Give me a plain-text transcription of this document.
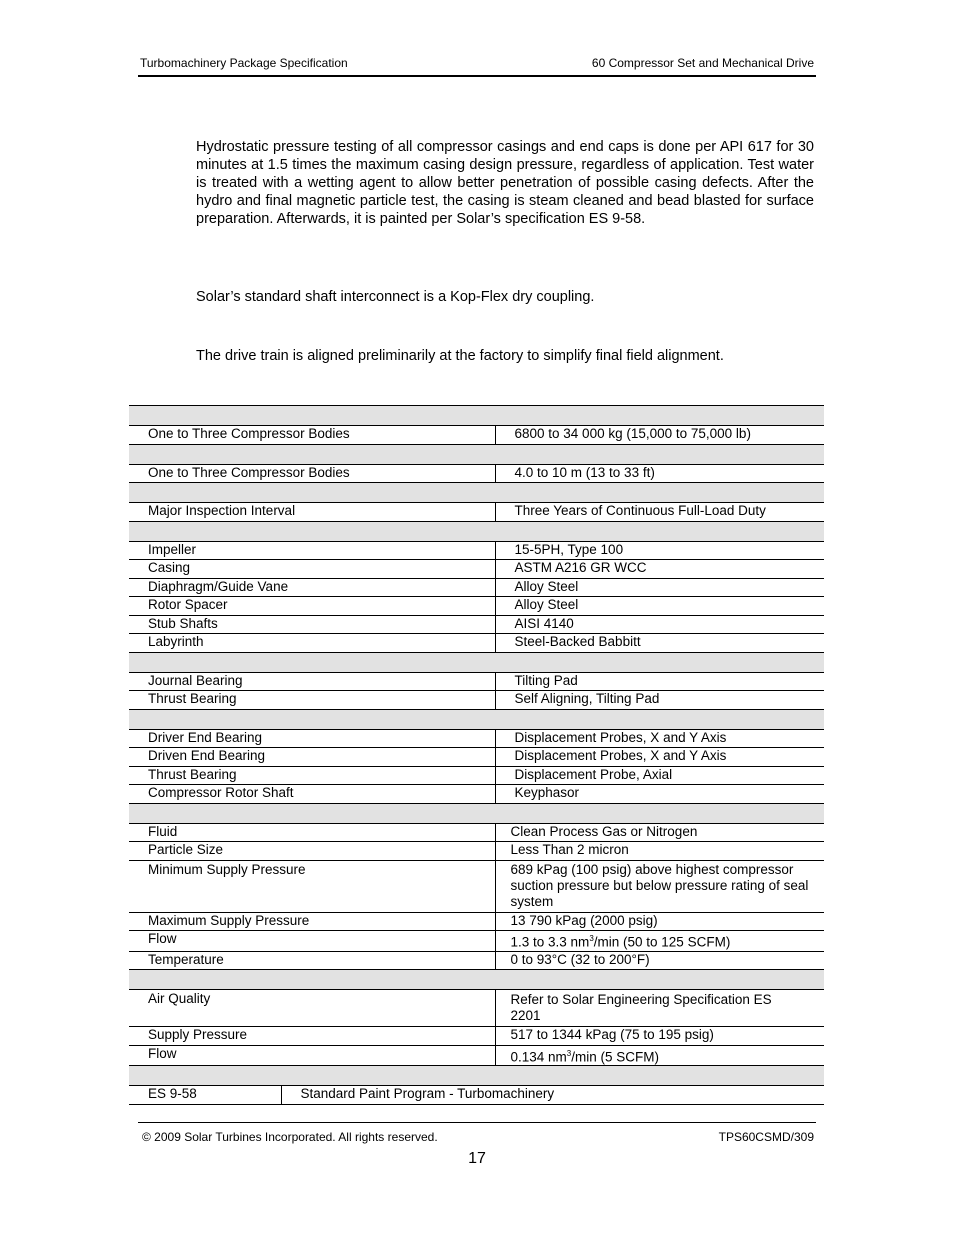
Turbomachinery Package Specification	60 Compressor Set and Mechanical Drive
Hydrostatic pressure testing of all compressor casings and end caps is done per API 617 for 30 minutes at 1.5 times the maximum casing design pressure, regardless of application. Test water is treated with a wetting agent to allow better penetration of possible casing defects. After the hydro and final magnetic particle test, the casing is steam cleaned and bead blasted for surface preparation. Afterwards, it is painted per Solar’s specification ES 9-58.
Solar’s standard shaft interconnect is a Kop-Flex dry coupling.
The drive train is aligned preliminarily at the factory to simplify final field alignment.

One to Three Compressor Bodies		6800 to 34 000 kg (15,000 to 75,000 lb)

One to Three Compressor Bodies		4.0 to 10 m (13 to 33 ft)

Major Inspection Interval		Three Years of Continuous Full-Load Duty

Impeller		15-5PH, Type 100
Casing		ASTM A216 GR WCC
Diaphragm/Guide Vane		Alloy Steel
Rotor Spacer		Alloy Steel
Stub Shafts		AISI 4140
Labyrinth		Steel-Backed Babbitt

Journal Bearing		Tilting Pad
Thrust Bearing		Self Aligning, Tilting Pad

Driver End Bearing		Displacement Probes, X and Y Axis
Driven End Bearing		Displacement Probes, X and Y Axis
Thrust Bearing		Displacement Probe, Axial
Compressor Rotor Shaft		Keyphasor

Fluid		Clean Process Gas or Nitrogen
Particle Size		Less Than 2 micron
Minimum Supply Pressure		689 kPag (100 psig) above highest compressor suction pressure but below pressure rating of seal system
Maximum Supply Pressure		13 790 kPag (2000 psig)
Flow		1.3 to 3.3 $nm^3/\min$ (50 to 125 SCFM)
Temperature		0 to 93°C (32 to 200°F)

Air Quality		Refer to Solar Engineering Specification ES 2201
Supply Pressure		517 to 1344 kPag (75 to 195 psig)
Flow		0.134 $nm^3/\min$ (5 SCFM)

ES 9-58	Standard Paint Program - Turbomachinery	
© 2009 Solar Turbines Incorporated. All rights reserved.	TPS60CSMD/309
17
